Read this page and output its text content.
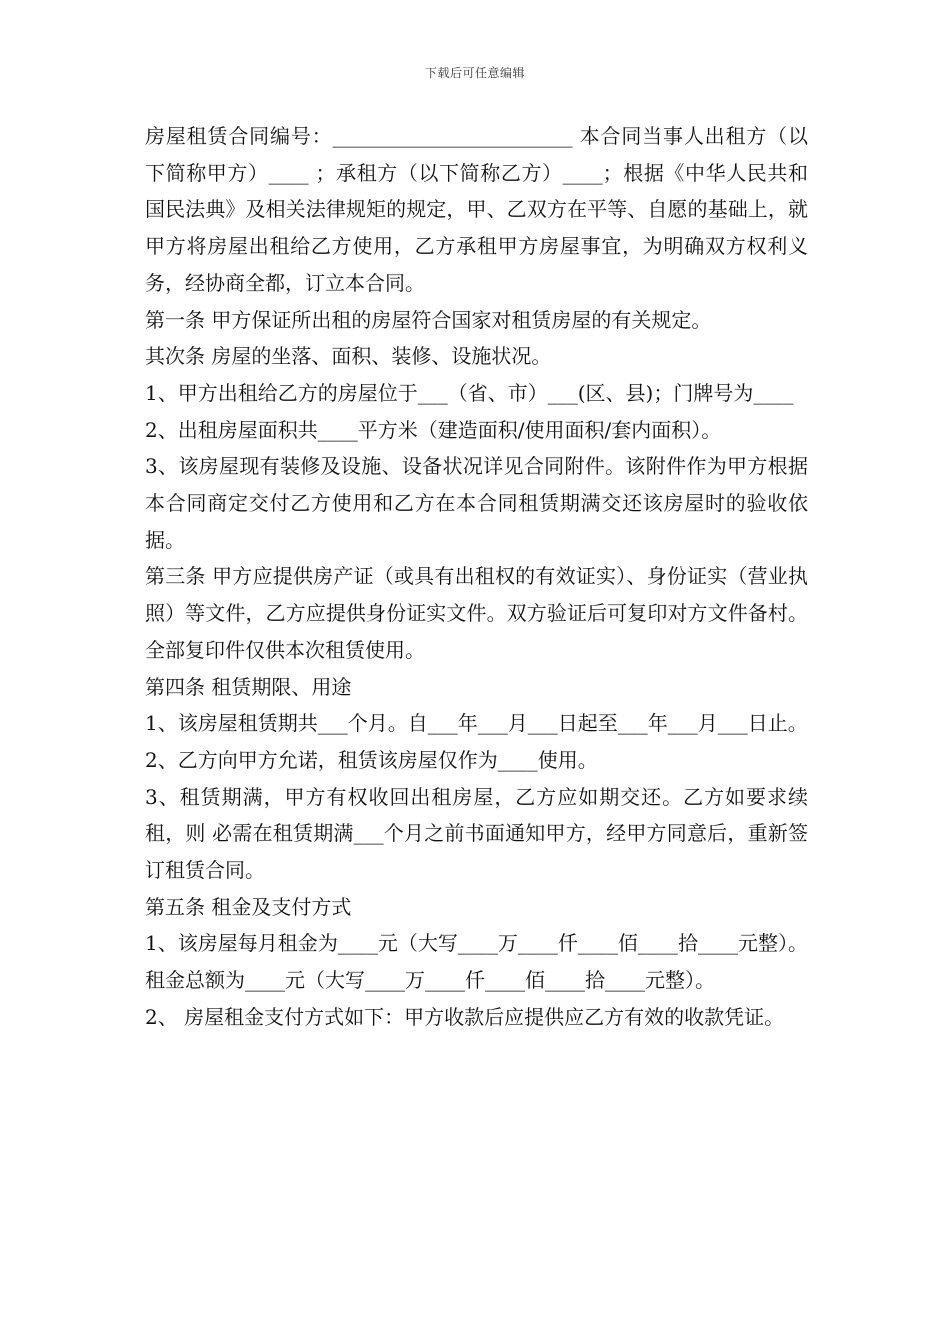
下载后可任意编辑

房屋租赁合同编号：________________________ 本合同当事人出租方（以下简称甲方）____ ；承租方（以下简称乙方）____；根据《中华人民共和国民法典》及相关法律规矩的规定，甲、乙双方在平等、自愿的基础上，就甲方将房屋出租给乙方使用，乙方承租甲方房屋事宜，为明确双方权利义务，经协商全都，订立本合同。

第一条 甲方保证所出租的房屋符合国家对租赁房屋的有关规定。

其次条 房屋的坐落、面积、装修、设施状况。

1、甲方出租给乙方的房屋位于___（省、市）___(区、县)；门牌号为____

2、出租房屋面积共____平方米（建造面积/使用面积/套内面积）。

3、该房屋现有装修及设施、设备状况详见合同附件。该附件作为甲方根据本合同商定交付乙方使用和乙方在本合同租赁期满交还该房屋时的验收依据。

第三条 甲方应提供房产证（或具有出租权的有效证实）、身份证实（营业执照）等文件，乙方应提供身份证实文件。双方验证后可复印对方文件备村。全部复印件仅供本次租赁使用。

第四条 租赁期限、用途

1、该房屋租赁期共___个月。自___年___月___日起至___年___月___日止。

2、乙方向甲方允诺，租赁该房屋仅作为____使用。

3、租赁期满，甲方有权收回出租房屋，乙方应如期交还。乙方如要求续租，则 必需在租赁期满___个月之前书面通知甲方，经甲方同意后，重新签订租赁合同。

第五条 租金及支付方式

1、该房屋每月租金为____元（大写____万____仟____佰____拾____元整）。租金总额为____元（大写____万____仟____佰____拾____元整）。

2、 房屋租金支付方式如下：甲方收款后应提供应乙方有效的收款凭证。
